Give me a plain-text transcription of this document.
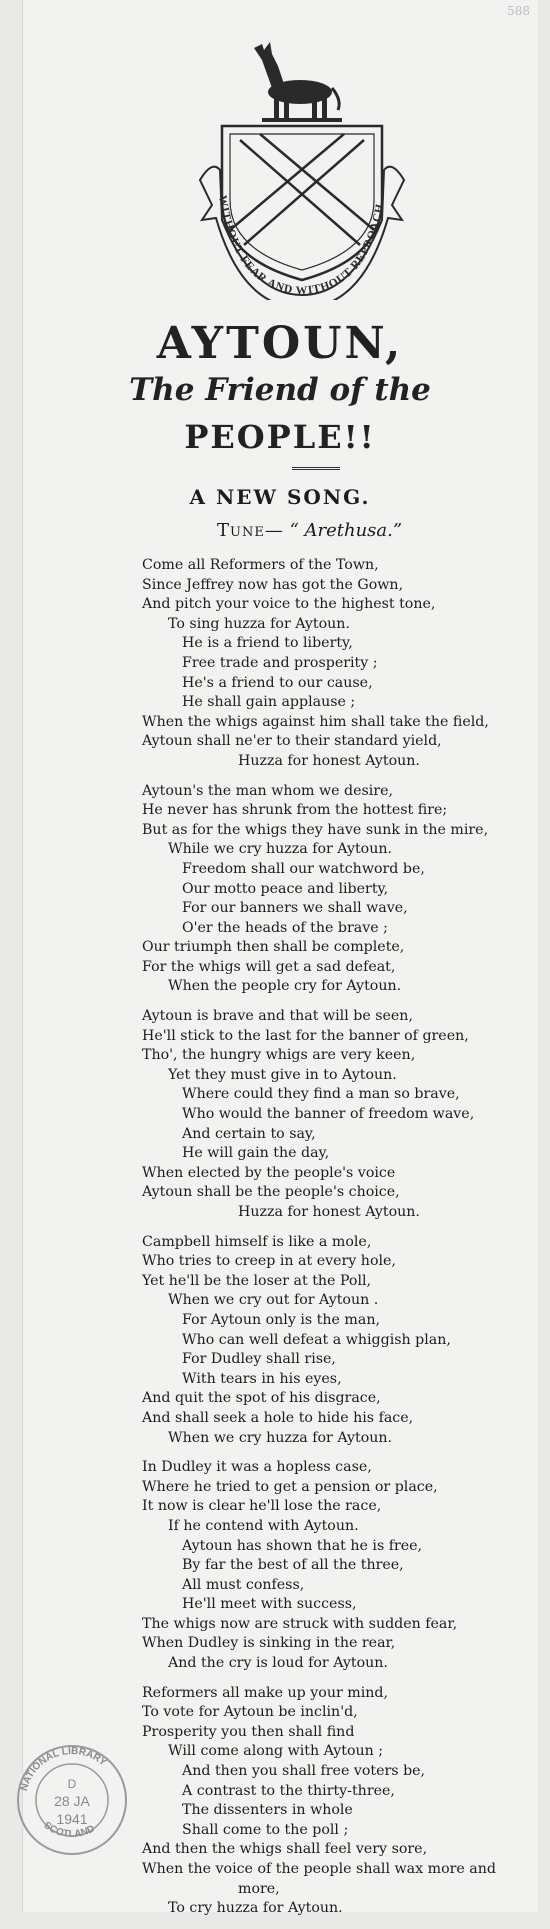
588
WITHOUT FEAR AND WITHOUT REPROACH
AYTOUN,
The Friend of the
PEOPLE!!
A NEW SONG.
Tune— “ Arethusa.”
Come all Reformers of the Town,
Since Jeffrey now has got the Gown,
And pitch your voice to the highest tone,
To sing huzza for Aytoun.
He is a friend to liberty,
Free trade and prosperity ;
He's a friend to our cause,
He shall gain applause ;
When the whigs against him shall take the field,
Aytoun shall ne'er to their standard yield,
Huzza for honest Aytoun.
Aytoun's the man whom we desire,
He never has shrunk from the hottest fire;
But as for the whigs they have sunk in the mire,
While we cry huzza for Aytoun.
Freedom shall our watchword be,
Our motto peace and liberty,
For our banners we shall wave,
O'er the heads of the brave ;
Our triumph then shall be complete,
For the whigs will get a sad defeat,
When the people cry for Aytoun.
Aytoun is brave and that will be seen,
He'll stick to the last for the banner of green,
Tho', the hungry whigs are very keen,
Yet they must give in to Aytoun.
Where could they find a man so brave,
Who would the banner of freedom wave,
And certain to say,
He will gain the day,
When elected by the people's voice
Aytoun shall be the people's choice,
Huzza for honest Aytoun.
Campbell himself is like a mole,
Who tries to creep in at every hole,
Yet he'll be the loser at the Poll,
When we cry out for Aytoun .
For Aytoun only is the man,
Who can well defeat a whiggish plan,
For Dudley shall rise,
With tears in his eyes,
And quit the spot of his disgrace,
And shall seek a hole to hide his face,
When we cry huzza for Aytoun.
In Dudley it was a hopless case,
Where he tried to get a pension or place,
It now is clear he'll lose the race,
If he contend with Aytoun.
Aytoun has shown that he is free,
By far the best of all the three,
All must confess,
He'll meet with success,
The whigs now are struck with sudden fear,
When Dudley is sinking in the rear,
And the cry is loud for Aytoun.
Reformers all make up your mind,
To vote for Aytoun be inclin'd,
Prosperity you then shall find
Will come along with Aytoun ;
And then you shall free voters be,
A contrast to the thirty-three,
The dissenters in whole
Shall come to the poll ;
And then the whigs shall feel very sore,
When the voice of the people shall wax more and
more,
To cry huzza for Aytoun.
NATIONAL LIBRARY
SCOTLAND
D
28 JA
1941
